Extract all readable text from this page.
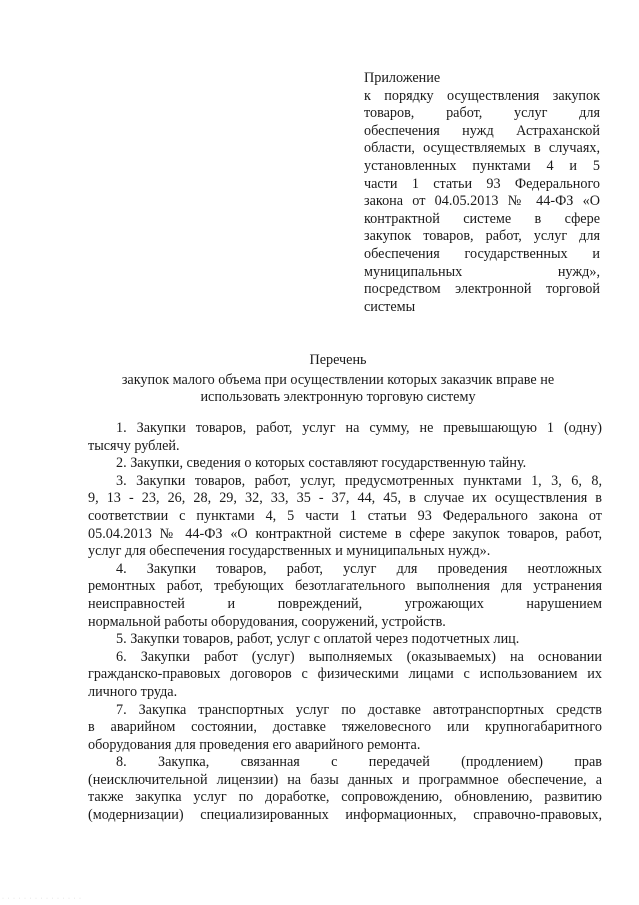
Приложение
к порядку осуществления закупок
товаров, работ, услуг для
обеспечения нужд Астраханской
области, осуществляемых в случаях,
установленных пунктами 4 и 5
части 1 статьи 93 Федерального
закона от 04.05.2013 № 44-ФЗ «О
контрактной системе в сфере
закупок товаров, работ, услуг для
обеспечения государственных и
муниципальных нужд»,
посредством электронной торговой
системы
Перечень
закупок малого объема при осуществлении которых заказчик вправе не
использовать электронную торговую систему
1. Закупки товаров, работ, услуг на сумму, не превышающую 1 (одну)
тысячу рублей.
2. Закупки, сведения о которых составляют государственную тайну.
3. Закупки товаров, работ, услуг, предусмотренных пунктами 1, 3, 6, 8,
9, 13 - 23, 26, 28, 29, 32, 33, 35 - 37, 44, 45, в случае их осуществления в
соответствии с пунктами 4, 5 части 1 статьи 93 Федерального закона от
05.04.2013 № 44-ФЗ «О контрактной системе в сфере закупок товаров, работ,
услуг для обеспечения государственных и муниципальных нужд».
4. Закупки товаров, работ, услуг для проведения неотложных
ремонтных работ, требующих безотлагательного выполнения для устранения
неисправностей и повреждений, угрожающих нарушением
нормальной работы оборудования, сооружений, устройств.
5. Закупки товаров, работ, услуг с оплатой через подотчетных лиц.
6. Закупки работ (услуг) выполняемых (оказываемых) на основании
гражданско-правовых договоров с физическими лицами с использованием их
личного труда.
7. Закупка транспортных услуг по доставке автотранспортных средств
в аварийном состоянии, доставке тяжеловесного или крупногабаритного
оборудования для проведения его аварийного ремонта.
8. Закупка, связанная с передачей (продлением) прав
(неисключительной лицензии) на базы данных и программное обеспечение, а
также закупка услуг по доработке, сопровождению, обновлению, развитию
(модернизации) специализированных информационных, справочно-правовых,
· · · · · · · · · · · · · · ·
